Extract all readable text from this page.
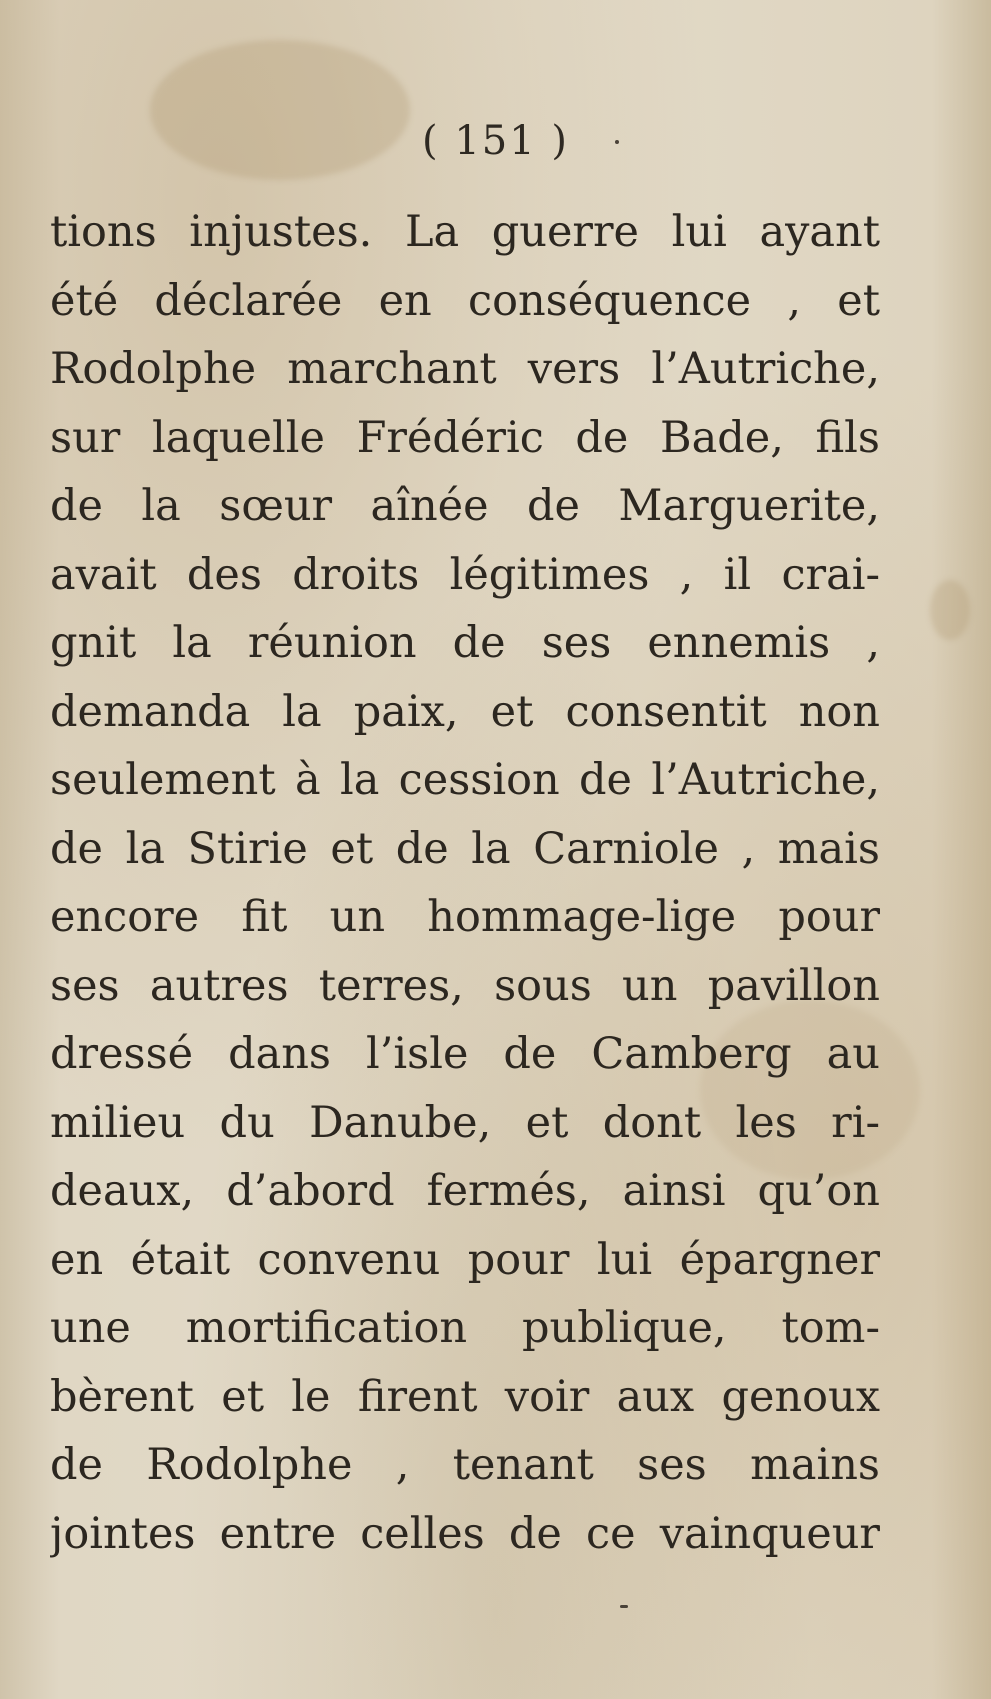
( 151 )
tions injustes. La guerre lui ayant
été déclarée en conséquence , et
Rodolphe marchant vers l’Autriche,
sur laquelle Frédéric de Bade, fils
de la sœur aînée de Marguerite,
avait des droits légitimes , il crai-
gnit la réunion de ses ennemis ,
demanda la paix, et consentit non
seulement à la cession de l’Autriche,
de la Stirie et de la Carniole , mais
encore fit un hommage-lige pour
ses autres terres, sous un pavillon
dressé dans l’isle de Camberg au
milieu du Danube, et dont les ri-
deaux, d’abord fermés, ainsi qu’on
en était convenu pour lui épargner
une mortification publique, tom-
bèrent et le firent voir aux genoux
de Rodolphe , tenant ses mains
jointes entre celles de ce vainqueur
